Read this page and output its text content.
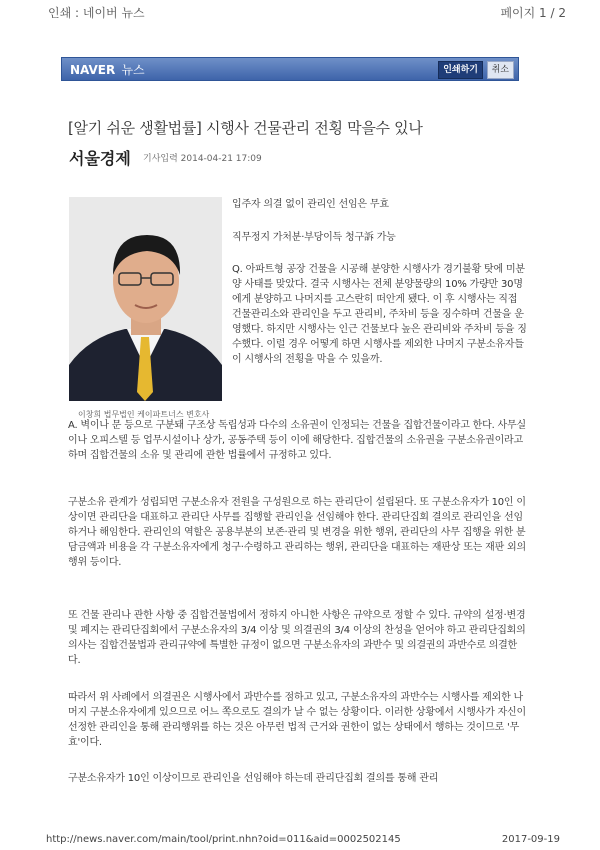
인쇄 : 네이버 뉴스	페이지 1 / 2
NAVER 뉴스	인쇄하기	취소
[알기 쉬운 생활법률] 시행사 건물관리 전횡 막을수 있나
서울경제 기사입력 2014-04-21 17:09
이창희 법무법인 케이파트너스 변호사
입주자 의결 없이 관리인 선임은 무효
직무정지 가처분·부당이득 청구訴 가능
Q. 아파트형 공장 건물을 시공해 분양한 시행사가 경기불황 탓에 미분양 사태를 맞았다. 결국 시행사는 전체 분양물량의 10% 가량만 30명에게 분양하고 나머지를 고스란히 떠안게 됐다. 이 후 시행사는 직접 건물관리소와 관리인을 두고 관리비, 주차비 등을 징수하며 건물을 운영했다. 하지만 시행사는 인근 건물보다 높은 관리비와 주차비 등을 징수했다. 이럴 경우 어떻게 하면 시행사를 제외한 나머지 구분소유자들이 시행사의 전횡을 막을 수 있을까.
A. 벽이나 문 등으로 구분돼 구조상 독립성과 다수의 소유권이 인정되는 건물을 집합건물이라고 한다. 사무실이나 오피스텔 등 업무시설이나 상가, 공동주택 등이 이에 해당한다. 집합건물의 소유권을 구분소유권이라고 하며 집합건물의 소유 및 관리에 관한 법률에서 규정하고 있다.
구분소유 관계가 성립되면 구분소유자 전원을 구성원으로 하는 관리단이 설립된다. 또 구분소유자가 10인 이상이면 관리단을 대표하고 관리단 사무를 집행할 관리인을 선임해야 한다. 관리단집회 결의로 관리인을 선임하거나 해임한다. 관리인의 역할은 공용부분의 보존·관리 및 변경을 위한 행위, 관리단의 사무 집행을 위한 분담금액과 비용을 각 구분소유자에게 청구·수령하고 관리하는 행위, 관리단을 대표하는 재판상 또는 재판 외의 행위 등이다.
또 건물 관리나 관한 사항 중 집합건물법에서 정하지 아니한 사항은 규약으로 정할 수 있다. 규약의 설정·변경 및 폐지는 관리단집회에서 구분소유자의 3/4 이상 및 의결권의 3/4 이상의 찬성을 얻어야 하고 관리단집회의 의사는 집합건물법과 관리규약에 특별한 규정이 없으면 구분소유자의 과반수 및 의결권의 과반수로 의결한다.
따라서 위 사례에서 의결권은 시행사에서 과반수를 점하고 있고, 구분소유자의 과반수는 시행사를 제외한 나머지 구분소유자에게 있으므로 어느 쪽으로도 결의가 날 수 없는 상황이다. 이러한 상황에서 시행사가 자신이 선정한 관리인을 통해 관리행위를 하는 것은 아무런 법적 근거와 권한이 없는 상태에서 행하는 것이므로 '무효'이다.
구분소유자가 10인 이상이므로 관리인을 선임해야 하는데 관리단집회 결의를 통해 관리
http://news.naver.com/main/tool/print.nhn?oid=011&aid=0002502145	2017-09-19
